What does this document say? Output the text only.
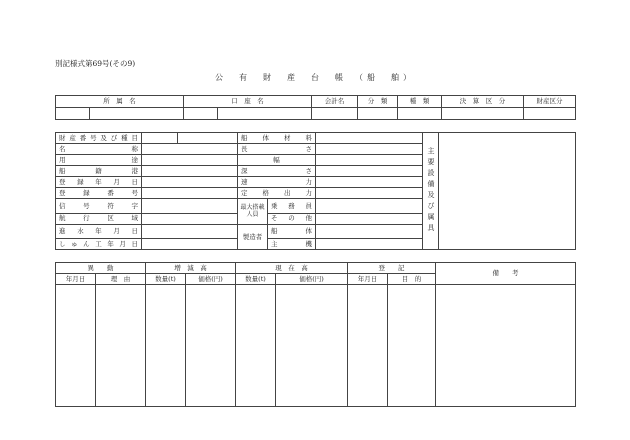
別記様式第69号(その9)
公　有　財　産　台　帳　（船　舶）
所　属　名	口　座　名	会計名	分　類	種　類	決　算　区　分	財産区分

財産番号及び種目			船体材料			主要設備及び属具	

名　　称			長　さ				
用　　途			幅				
船　籍　港			深　さ				
登録年月日			速　力				
登録番号			定格出力				
信号符字			最大搭載人員	乗務員			
航行区域				その他			
進水年月日			製造者	船　体			
しゅん工年月日				主　機			
異　　動		増　減　高		現　在　高		登　　記		備　　考
年月日	理　由	数量(t)	価格(円)	数量(t)	価格(円)	年月日	目　的	
